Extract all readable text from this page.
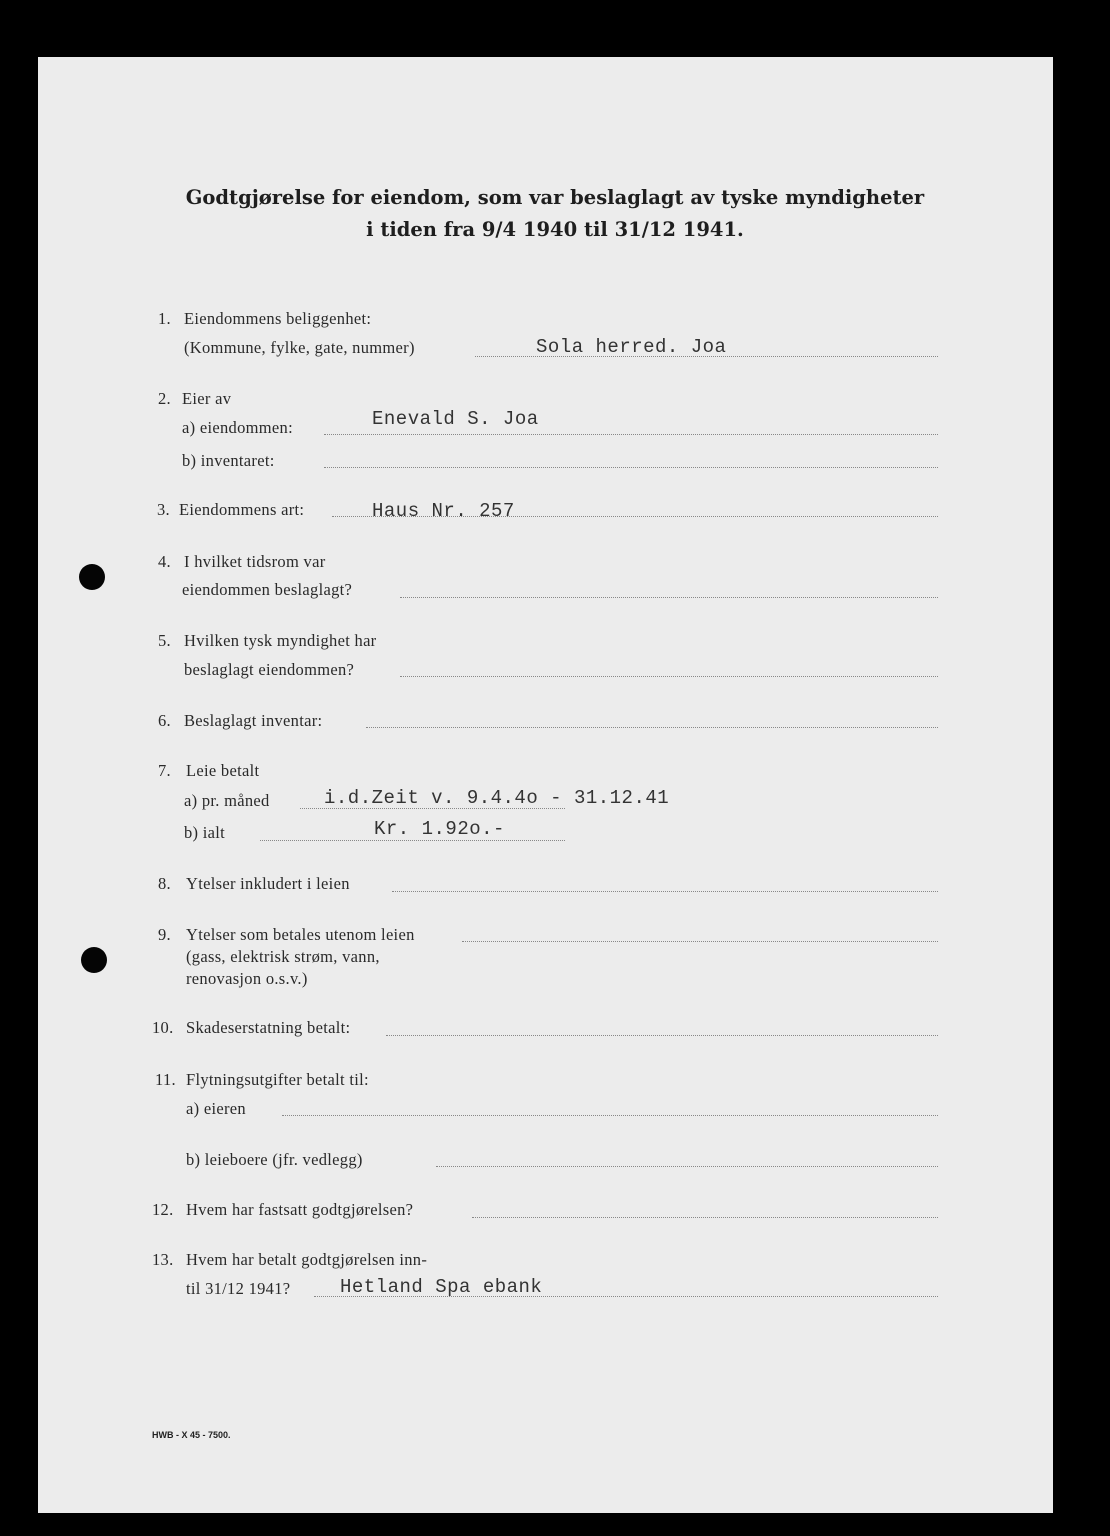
Godtgjørelse for eiendom, som var beslaglagt av tyske myndigheter
i tiden fra 9/4 1940 til 31/12 1941.
1. Eiendommens beliggenhet:
(Kommune, fylke, gate, nummer)	Sola herred. Joa
2. Eier av
a) eiendommen:	Enevald S. Joa
b) inventaret:
3. Eiendommens art:	Haus Nr. 257
4. I hvilket tidsrom var
eiendommen beslaglagt?
5. Hvilken tysk myndighet har
beslaglagt eiendommen?
6. Beslaglagt inventar:
7. Leie betalt
a) pr. måned	i.d.Zeit v. 9.4.4o - 31.12.41
b) ialt	Kr. 1.92o.-
8. Ytelser inkludert i leien
9. Ytelser som betales utenom leien
(gass, elektrisk strøm, vann,
renovasjon o.s.v.)
10. Skadeserstatning betalt:
11. Flytningsutgifter betalt til:
a) eieren
b) leieboere (jfr. vedlegg)
12. Hvem har fastsatt godtgjørelsen?
13. Hvem har betalt godtgjørelsen inn-
til 31/12 1941?	Hetland Spa ebank
HWB - X 45 - 7500.
